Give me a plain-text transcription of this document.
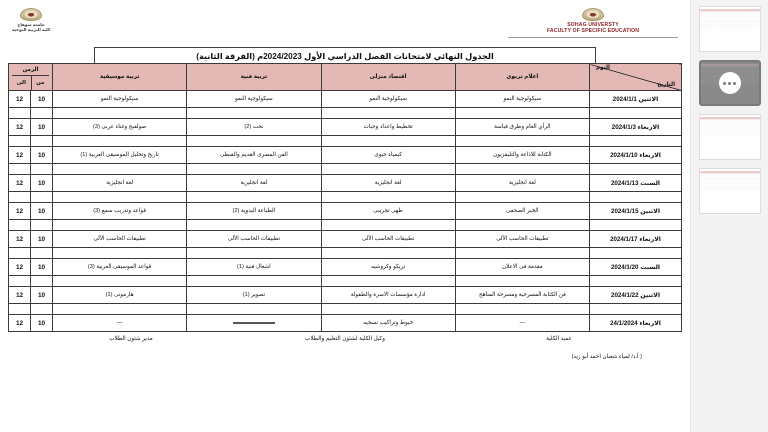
جامعة سوهاج
كلية التربية النوعية
SOHAG UNIVERSTY
FACULTY OF SPECIFIC EDUCATION
الجدول النهائي لامتحانات الفصل الدراسي الأول 2024/2023م (الفرقة الثانية)
اليوم
التاريخ
	اعلام تربوى	اقتصاد منزلى	تربية فنية	تربية موسيقية	
الزمن
من
الى

الاثنين 2024/1/1	سيكولوجية النمو	سيكولوجية النمو	سيكولوجية النمو	سيكولوجية النمو	10	12

الاربعاء 2024/1/3	الرأي العام وطرق قياسة	تخطيط واعداد وجبات	نحت (2)	صولفيج وغناء عربى (3)	10	12

الاربعاء 2024/1/10	الكتابة للاذاعة والتليفزيون	كيمياء حيوى	الفن المصرى القديم والقبطى	تاريخ وتحليل الموسيقى العربية (1)	10	12

السبت 2024/1/13	لغة انجليزية	لغة انجليزية	لغة انجليزية	لغة انجليزية	10	12

الاثنين 2024/1/15	الخبر الصحفى	طهى تجريبى	الطباعة اليدوية (2)	قواعد وتدريب سمع (3)	10	12

الاربعاء 2024/1/17	تطبيقات الحاسب الآلى	تطبيقات الحاسب الآلى	تطبيقات الحاسب الآلى	تطبيقات الحاسب الآلى	10	12

السبت 2024/1/20	مقدمة فى الاعلان	تريكو وكروشيه	اشغال فنية (1)	قواعد الموسيقى العربية (3)	10	12

الاثنين 2024/1/22	فن الكتابة المسرحية ومسرحة المناهج	ادارة مؤسسات الاسرة والطفولة	تصوير (1)	هارمونى (1)	10	12

الاربعاء 24/1/2024	—	خيوط وتراكيب نسجيه		—	10	12
مدير شئون الطلاب	وكيل الكلية لشئون التعليم والطلاب	عميد الكلية
( أ.د/ لمياء شعبان احمد أبو زيد)
